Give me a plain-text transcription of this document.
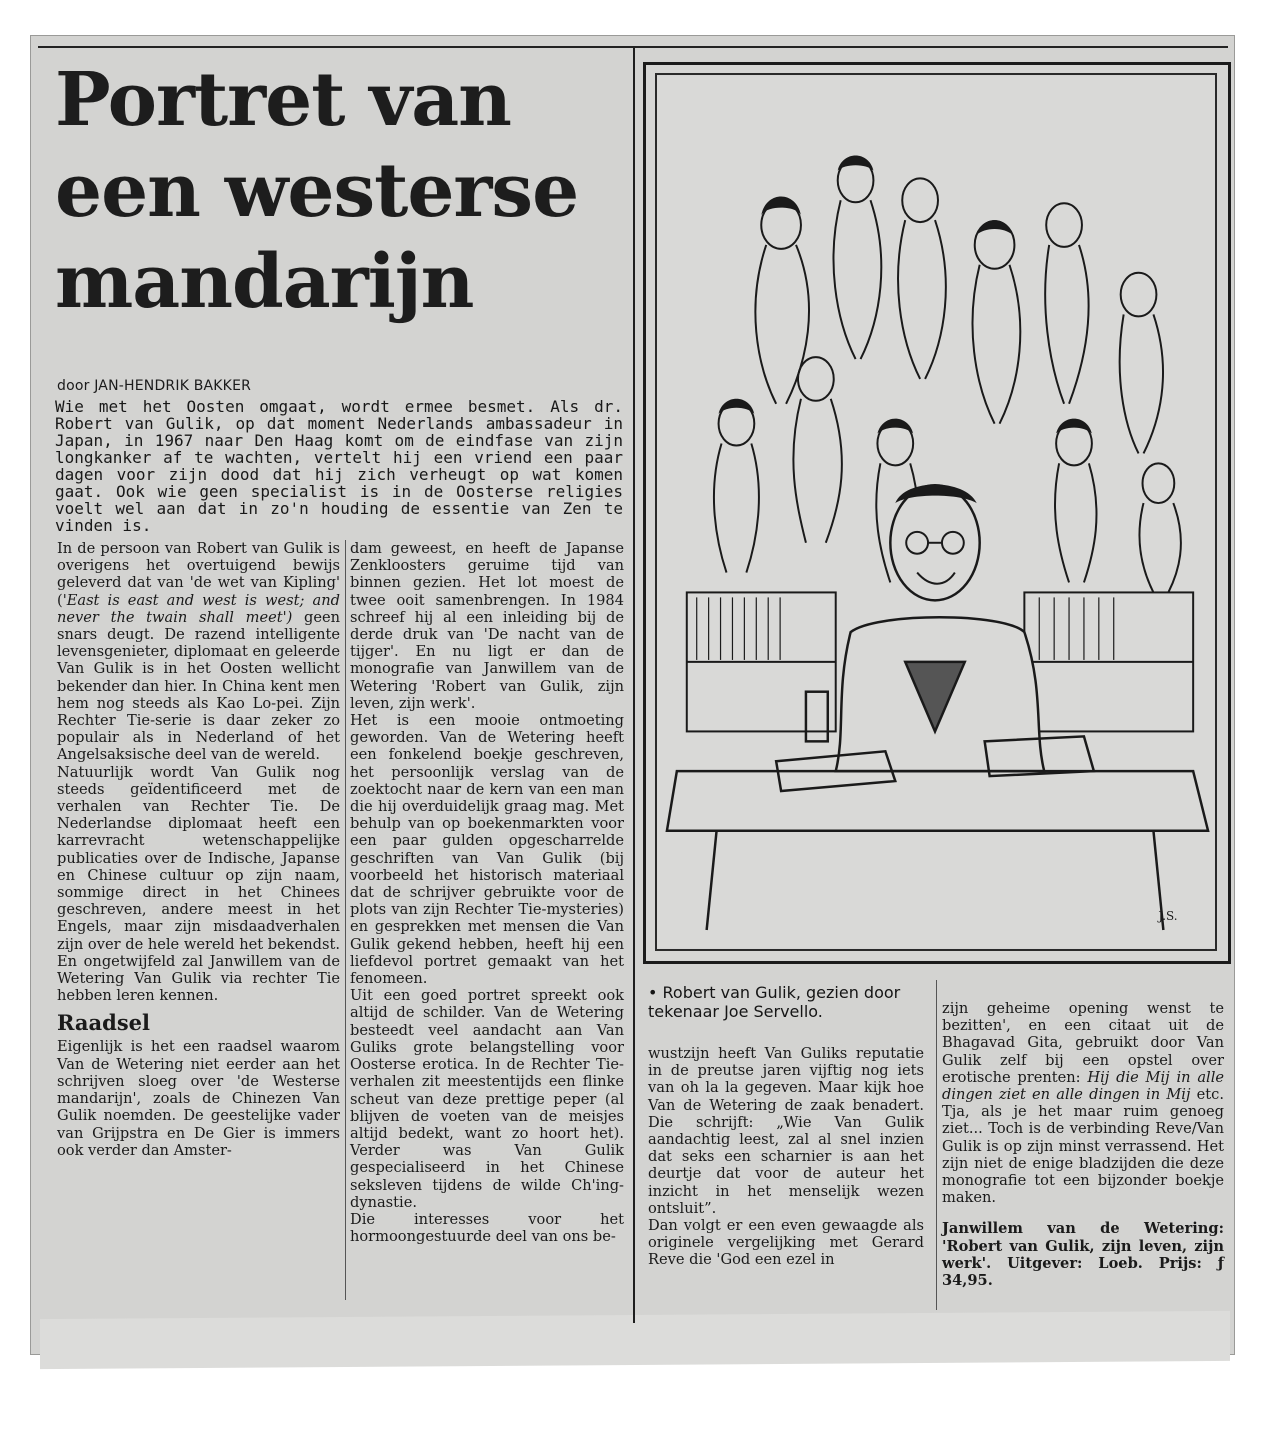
Portret van
een westerse
mandarijn
door JAN-HENDRIK BAKKER
Wie met het Oosten omgaat, wordt ermee besmet. Als dr. Robert van Gulik, op dat moment Nederlands ambassadeur in Japan, in 1967 naar Den Haag komt om de eindfase van zijn longkanker af te wachten, vertelt hij een vriend een paar dagen voor zijn dood dat hij zich verheugt op wat komen gaat. Ook wie geen specialist is in de Oosterse religies voelt wel aan dat in zo'n houding de essentie van Zen te vinden is.

In de persoon van Robert van Gulik is overigens het overtuigend bewijs geleverd dat van 'de wet van Kipling' ('East is east and west is west; and never the twain shall meet') geen snars deugt. De razend intelligente levensgenieter, diplomaat en geleerde Van Gulik is in het Oosten wellicht bekender dan hier. In China kent men hem nog steeds als Kao Lo-pei. Zijn Rechter Tie-serie is daar zeker zo populair als in Nederland of het Angelsaksische deel van de wereld.

Natuurlijk wordt Van Gulik nog steeds geïdentificeerd met de verhalen van Rechter Tie. De Nederlandse diplomaat heeft een karrevracht wetenschappelijke publicaties over de Indische, Japanse en Chinese cultuur op zijn naam, sommige direct in het Chinees geschreven, andere meest in het Engels, maar zijn misdaadverhalen zijn over de hele wereld het bekendst. En ongetwijfeld zal Janwillem van de Wetering Van Gulik via rechter Tie hebben leren kennen.

Raadsel

Eigenlijk is het een raadsel waarom Van de Wetering niet eerder aan het schrijven sloeg over 'de Westerse mandarijn', zoals de Chinezen Van Gulik noemden. De geestelijke vader van Grijpstra en De Gier is immers ook verder dan Amster-

dam geweest, en heeft de Japanse Zenkloosters geruime tijd van binnen gezien. Het lot moest de twee ooit samenbrengen. In 1984 schreef hij al een inleiding bij de derde druk van 'De nacht van de tijger'. En nu ligt er dan de monografie van Janwillem van de Wetering 'Robert van Gulik, zijn leven, zijn werk'.

Het is een mooie ontmoeting geworden. Van de Wetering heeft een fonkelend boekje geschreven, het persoonlijk verslag van de zoektocht naar de kern van een man die hij overduidelijk graag mag. Met behulp van op boekenmarkten voor een paar gulden opgescharrelde geschriften van Van Gulik (bij voorbeeld het historisch materiaal dat de schrijver gebruikte voor de plots van zijn Rechter Tie-mysteries) en gesprekken met mensen die Van Gulik gekend hebben, heeft hij een liefdevol portret gemaakt van het fenomeen.

Uit een goed portret spreekt ook altijd de schilder. Van de Wetering besteedt veel aandacht aan Van Guliks grote belangstelling voor Oosterse erotica. In de Rechter Tie-verhalen zit meestentijds een flinke scheut van deze prettige peper (al blijven de voeten van de meisjes altijd bedekt, want zo hoort het). Verder was Van Gulik gespecialiseerd in het Chinese seksleven tijdens de wilde Ch'ing-dynastie.

Die interesses voor het hormoongestuurde deel van ons be-

J.S.
• Robert van Gulik, gezien door tekenaar Joe Servello.

wustzijn heeft Van Guliks reputatie in de preutse jaren vijftig nog iets van oh la la gegeven. Maar kijk hoe Van de Wetering de zaak benadert. Die schrijft: „Wie Van Gulik aandachtig leest, zal al snel inzien dat seks een scharnier is aan het deurtje dat voor de auteur het inzicht in het menselijk wezen ontsluit”.

Dan volgt er een even gewaagde als originele vergelijking met Gerard Reve die 'God een ezel in

zijn geheime opening wenst te bezitten', en een citaat uit de Bhagavad Gita, gebruikt door Van Gulik zelf bij een opstel over erotische prenten: Hij die Mij in alle dingen ziet en alle dingen in Mij etc. Tja, als je het maar ruim genoeg ziet... Toch is de verbinding Reve/Van Gulik is op zijn minst verrassend. Het zijn niet de enige bladzijden die deze monografie tot een bijzonder boekje maken.

Janwillem van de Wetering: 'Robert van Gulik, zijn leven, zijn werk'. Uitgever: Loeb. Prijs: ƒ 34,95.
